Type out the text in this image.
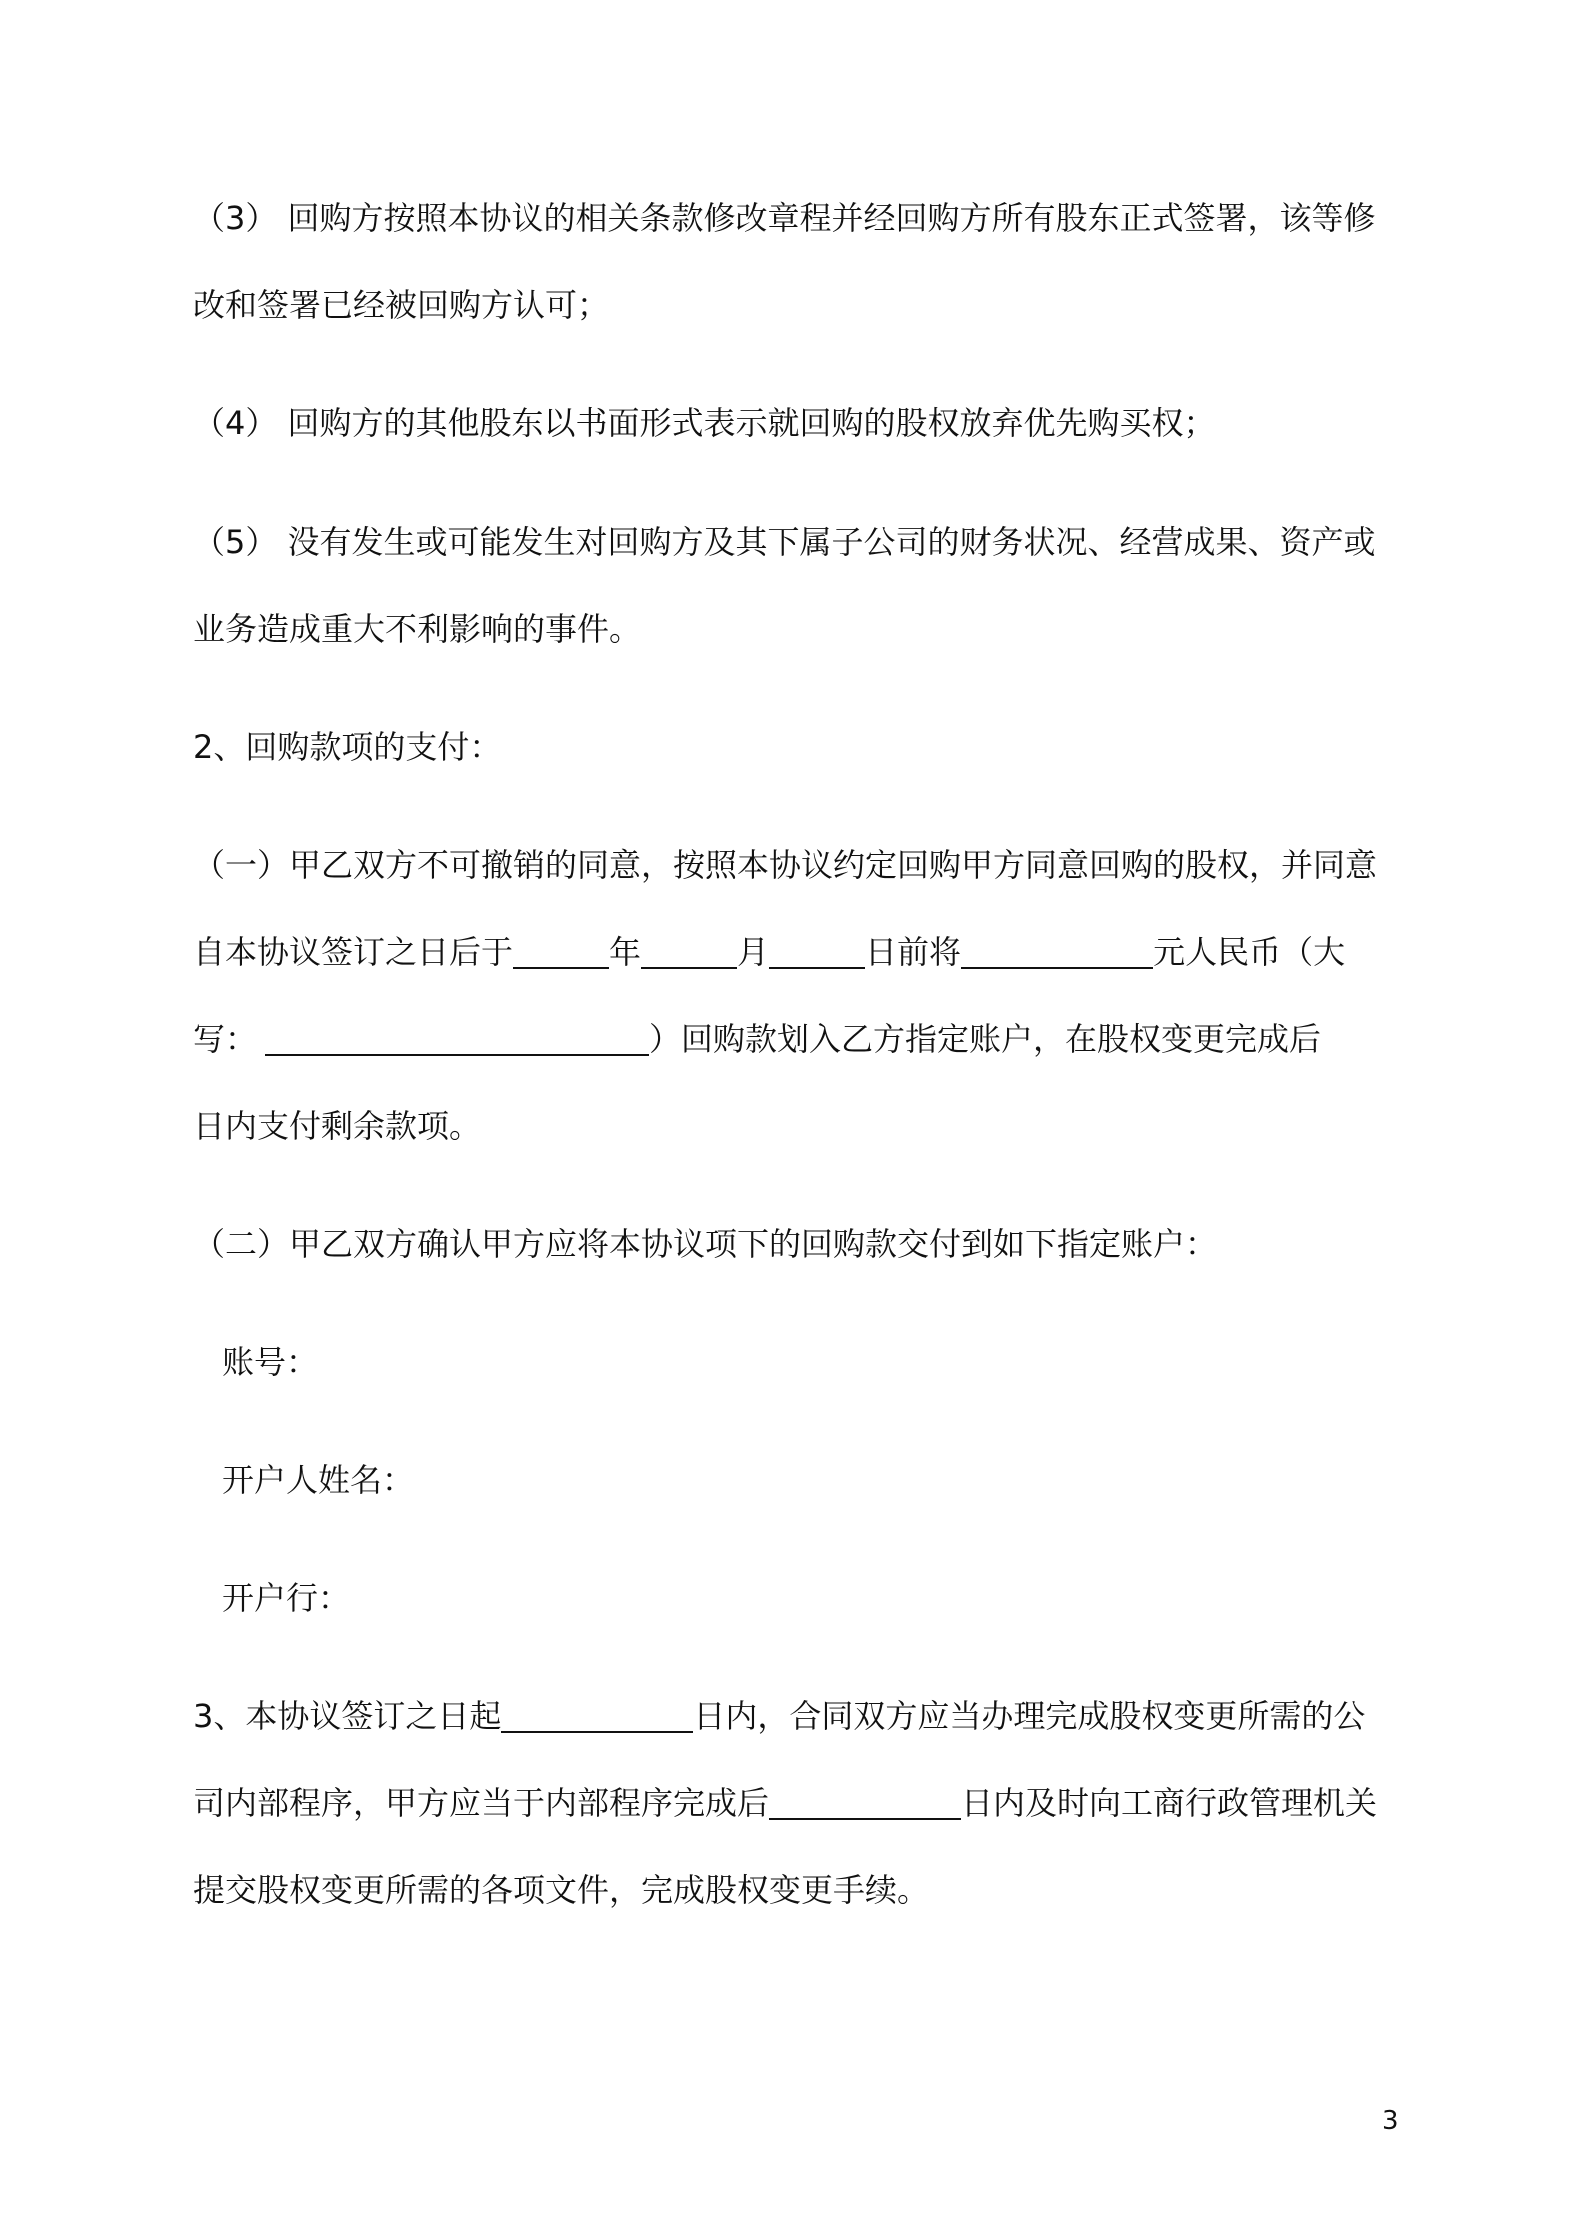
（3） 回购方按照本协议的相关条款修改章程并经回购方所有股东正式签署，该等修
改和签署已经被回购方认可；
（4） 回购方的其他股东以书面形式表示就回购的股权放弃优先购买权；
（5） 没有发生或可能发生对回购方及其下属子公司的财务状况、经营成果、资产或
业务造成重大不利影响的事件。
2、回购款项的支付：
（一）甲乙双方不可撤销的同意，按照本协议约定回购甲方同意回购的股权，并同意
自本协议签订之日后于	年	月	日前将	元人民币（大
写：	）回购款划入乙方指定账户，在股权变更完成后
日内支付剩余款项。
（二）甲乙双方确认甲方应将本协议项下的回购款交付到如下指定账户：
账号：
开户人姓名：
开户行：
3、本协议签订之日起	日内，合同双方应当办理完成股权变更所需的公
司内部程序，甲方应当于内部程序完成后	日内及时向工商行政管理机关
提交股权变更所需的各项文件，完成股权变更手续。
3
